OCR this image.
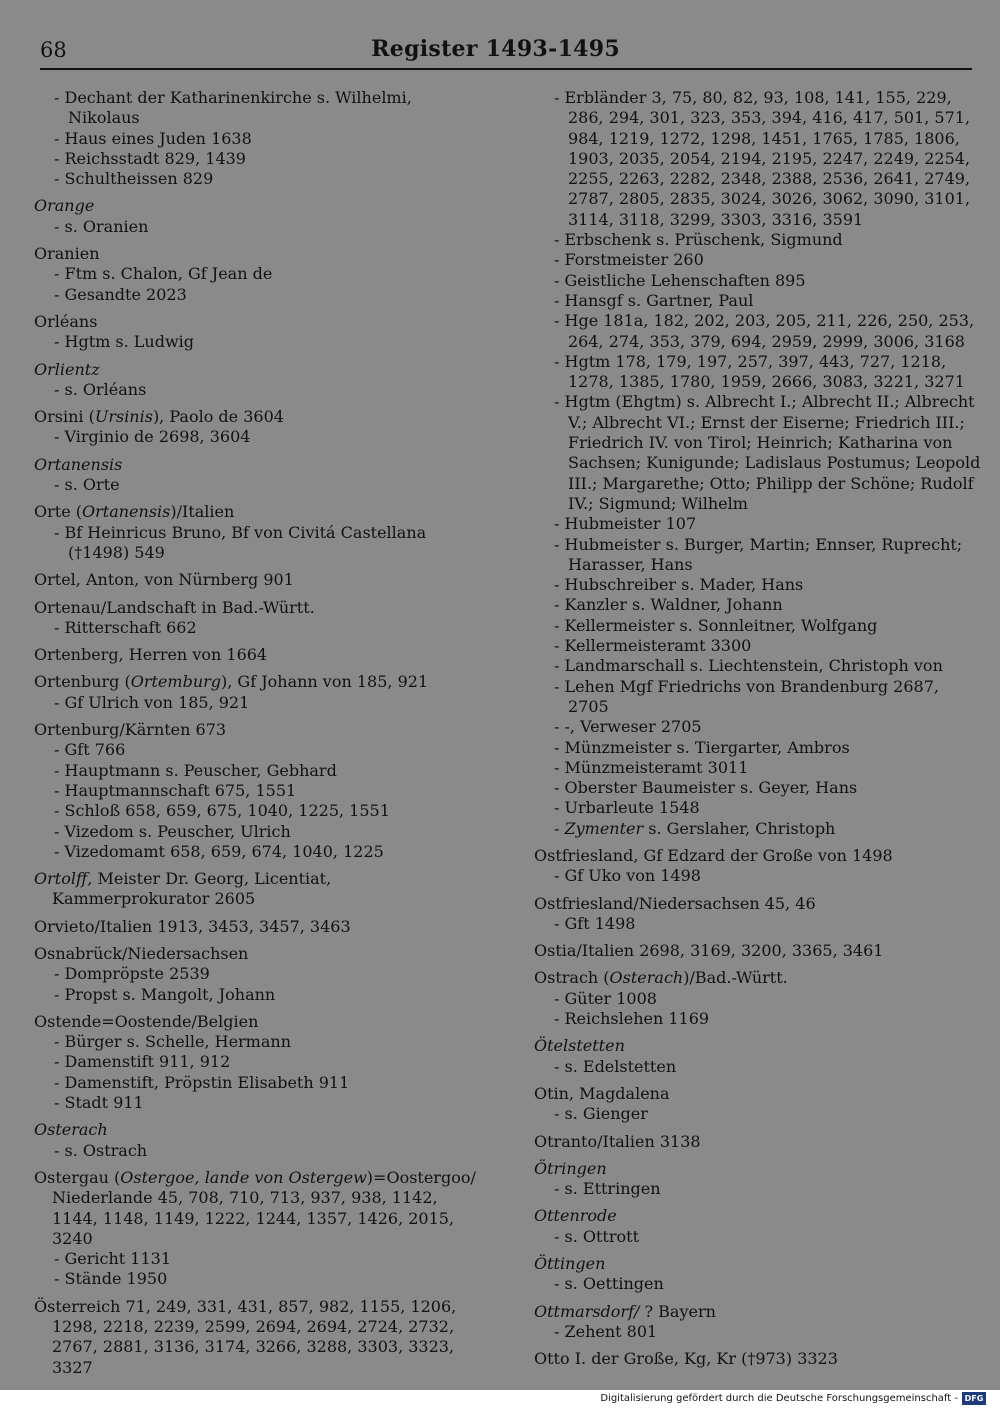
68	Register 1493-1495
- Dechant der Katharinenkirche s. Wilhelmi, Nikolaus
- Haus eines Juden 1638
- Reichsstadt 829, 1439
- Schultheissen 829
Orange
- s. Oranien
Oranien
- Ftm s. Chalon, Gf Jean de
- Gesandte 2023
Orléans
- Hgtm s. Ludwig
Orlientz
- s. Orléans
Orsini (Ursinis), Paolo de 3604
- Virginio de 2698, 3604
Ortanensis
- s. Orte
Orte (Ortanensis)/Italien
- Bf Heinricus Bruno, Bf von Civitá Castellana (†1498) 549
Ortel, Anton, von Nürnberg 901
Ortenau/Landschaft in Bad.-Württ.
- Ritterschaft 662
Ortenberg, Herren von 1664
Ortenburg (Ortemburg), Gf Johann von 185, 921
- Gf Ulrich von 185, 921
Ortenburg/Kärnten 673
- Gft 766
- Hauptmann s. Peuscher, Gebhard
- Hauptmannschaft 675, 1551
- Schloß 658, 659, 675, 1040, 1225, 1551
- Vizedom s. Peuscher, Ulrich
- Vizedomamt 658, 659, 674, 1040, 1225
Ortolff, Meister Dr. Georg, Licentiat, Kammerprokurator 2605
Orvieto/Italien 1913, 3453, 3457, 3463
Osnabrück/Niedersachsen
- Dompröpste 2539
- Propst s. Mangolt, Johann
Ostende=Oostende/Belgien
- Bürger s. Schelle, Hermann
- Damenstift 911, 912
- Damenstift, Pröpstin Elisabeth 911
- Stadt 911
Osterach
- s. Ostrach
Ostergau (Ostergoe, lande von Ostergew)=Oostergoo/ Niederlande 45, 708, 710, 713, 937, 938, 1142, 1144, 1148, 1149, 1222, 1244, 1357, 1426, 2015, 3240
- Gericht 1131
- Stände 1950
Österreich 71, 249, 331, 431, 857, 982, 1155, 1206, 1298, 2218, 2239, 2599, 2694, 2694, 2724, 2732, 2767, 2881, 3136, 3174, 3266, 3288, 3303, 3323, 3327
- Erbländer 3, 75, 80, 82, 93, 108, 141, 155, 229, 286, 294, 301, 323, 353, 394, 416, 417, 501, 571, 984, 1219, 1272, 1298, 1451, 1765, 1785, 1806, 1903, 2035, 2054, 2194, 2195, 2247, 2249, 2254, 2255, 2263, 2282, 2348, 2388, 2536, 2641, 2749, 2787, 2805, 2835, 3024, 3026, 3062, 3090, 3101, 3114, 3118, 3299, 3303, 3316, 3591
- Erbschenk s. Prüschenk, Sigmund
- Forstmeister 260
- Geistliche Lehenschaften 895
- Hansgf s. Gartner, Paul
- Hge 181a, 182, 202, 203, 205, 211, 226, 250, 253, 264, 274, 353, 379, 694, 2959, 2999, 3006, 3168
- Hgtm 178, 179, 197, 257, 397, 443, 727, 1218, 1278, 1385, 1780, 1959, 2666, 3083, 3221, 3271
- Hgtm (Ehgtm) s. Albrecht I.; Albrecht II.; Albrecht V.; Albrecht VI.; Ernst der Eiserne; Friedrich III.; Friedrich IV. von Tirol; Heinrich; Katharina von Sachsen; Kunigunde; Ladislaus Postumus; Leopold III.; Margarethe; Otto; Philipp der Schöne; Rudolf IV.; Sigmund; Wilhelm
- Hubmeister 107
- Hubmeister s. Burger, Martin; Ennser, Ruprecht; Harasser, Hans
- Hubschreiber s. Mader, Hans
- Kanzler s. Waldner, Johann
- Kellermeister s. Sonnleitner, Wolfgang
- Kellermeisteramt 3300
- Landmarschall s. Liechtenstein, Christoph von
- Lehen Mgf Friedrichs von Brandenburg 2687, 2705
- -, Verweser 2705
- Münzmeister s. Tiergarter, Ambros
- Münzmeisteramt 3011
- Oberster Baumeister s. Geyer, Hans
- Urbarleute 1548
- Zymenter s. Gerslaher, Christoph
Ostfriesland, Gf Edzard der Große von 1498
- Gf Uko von 1498
Ostfriesland/Niedersachsen 45, 46
- Gft 1498
Ostia/Italien 2698, 3169, 3200, 3365, 3461
Ostrach (Osterach)/Bad.-Württ.
- Güter 1008
- Reichslehen 1169
Ötelstetten
- s. Edelstetten
Otin, Magdalena
- s. Gienger
Otranto/Italien 3138
Ötringen
- s. Ettringen
Ottenrode
- s. Ottrott
Öttingen
- s. Oettingen
Ottmarsdorf/ ? Bayern
- Zehent 801
Otto I. der Große, Kg, Kr (†973) 3323
Digitalisierung gefördert durch die Deutsche Forschungsgemeinschaft - DFG
